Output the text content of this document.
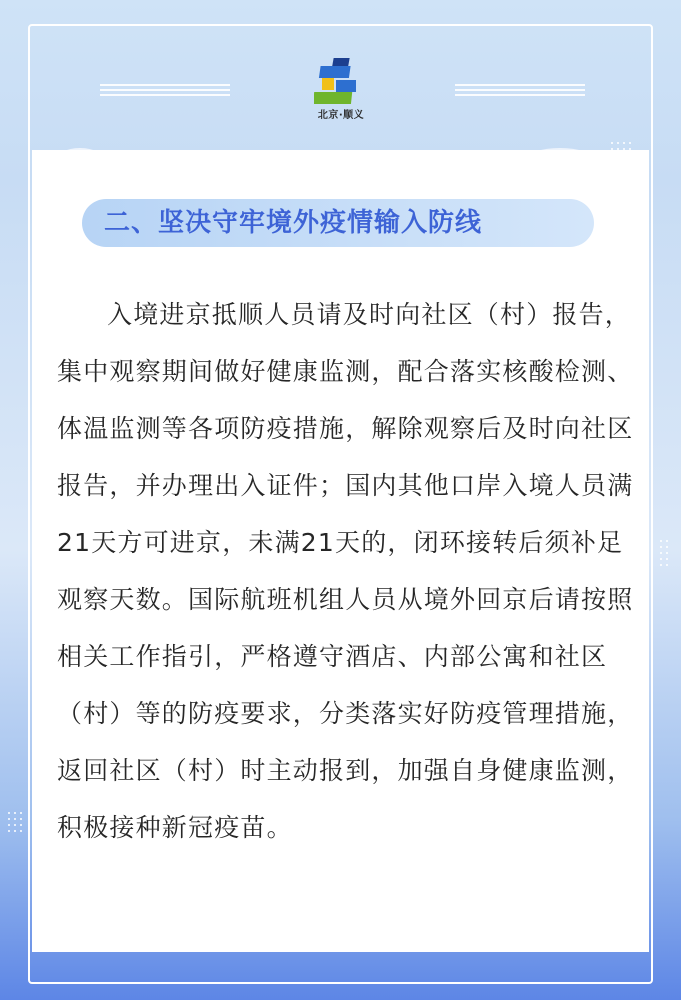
北京·顺义
二、坚决守牢境外疫情输入防线

入境进京抵顺人员请及时向社区（村）报告，集中观察期间做好健康监测，配合落实核酸检测、体温监测等各项防疫措施，解除观察后及时向社区报告，并办理出入证件；国内其他口岸入境人员满21天方可进京，未满21天的，闭环接转后须补足观察天数。国际航班机组人员从境外回京后请按照相关工作指引，严格遵守酒店、内部公寓和社区（村）等的防疫要求，分类落实好防疫管理措施，返回社区（村）时主动报到，加强自身健康监测，积极接种新冠疫苗。
